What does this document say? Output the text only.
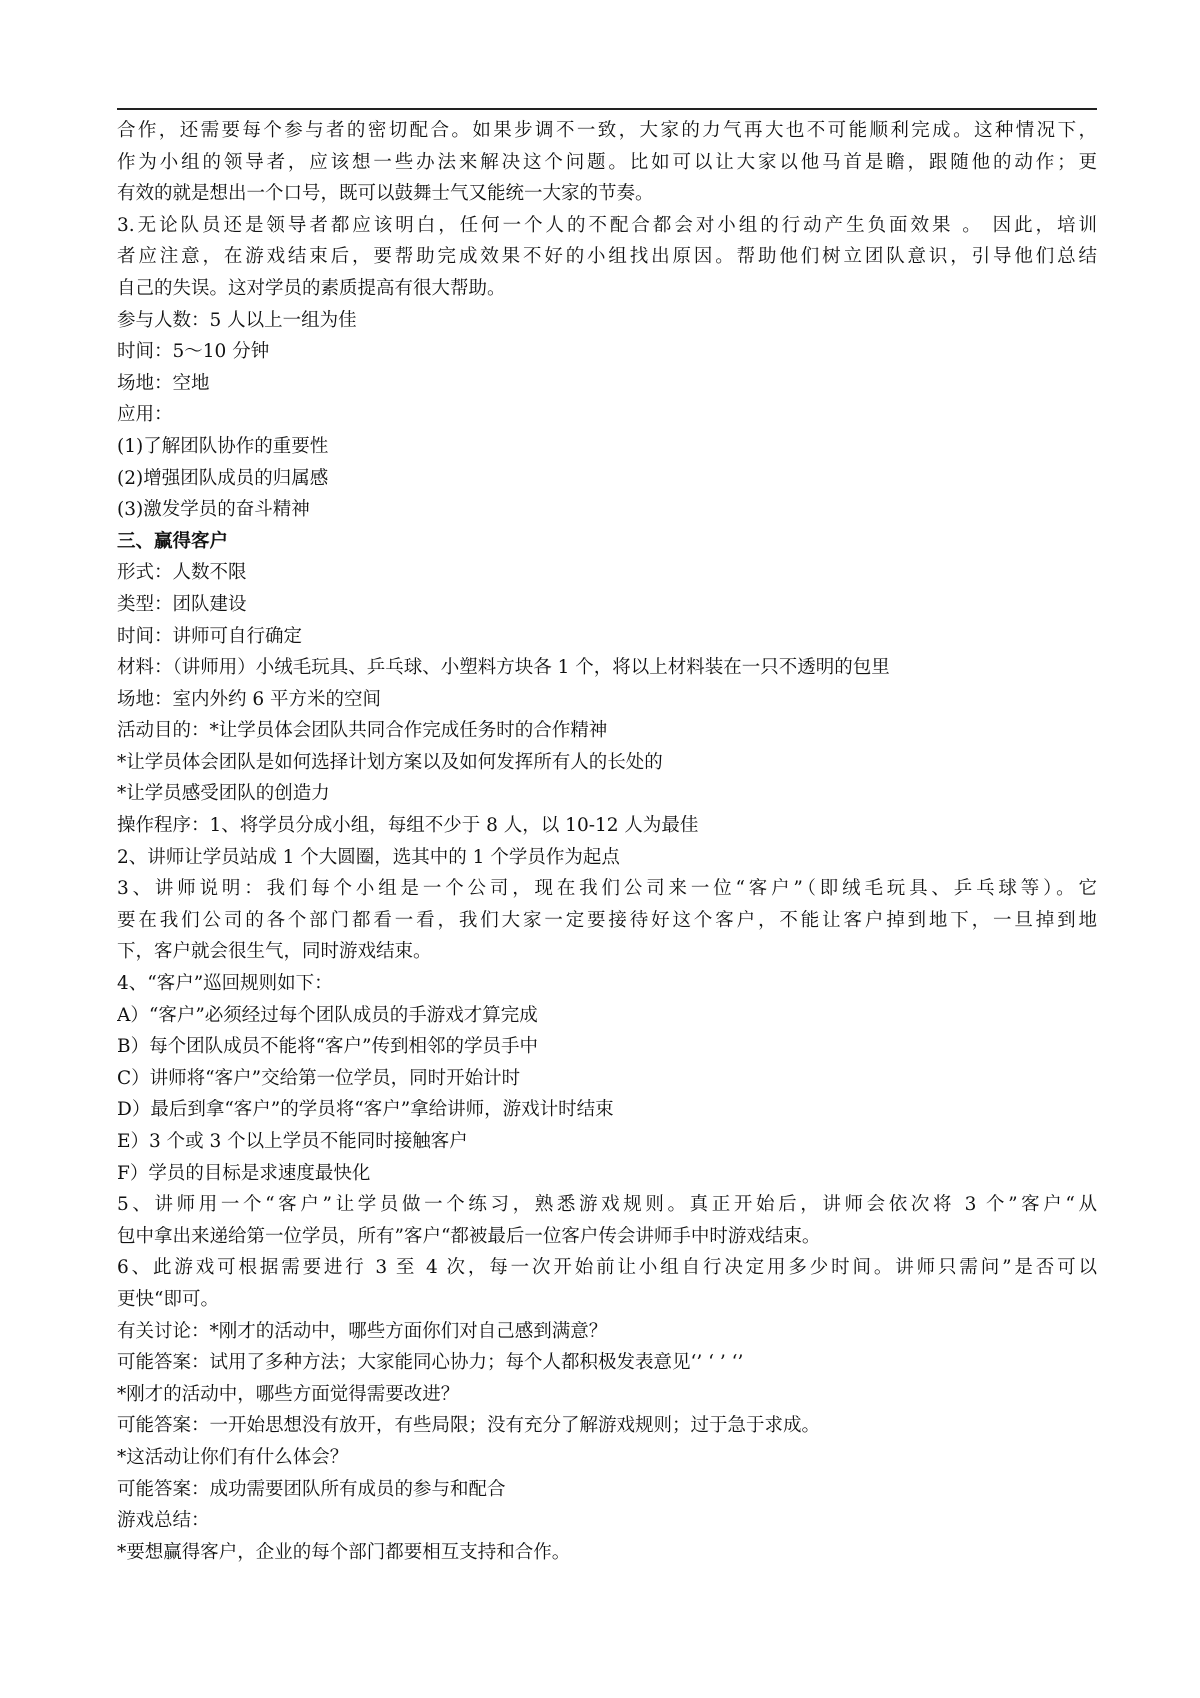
合作，还需要每个参与者的密切配合。如果步调不一致，大家的力气再大也不可能顺利完成。这种情况下，
作为小组的领导者，应该想一些办法来解决这个问题。比如可以让大家以他马首是瞻，跟随他的动作；更
有效的就是想出一个口号，既可以鼓舞士气又能统一大家的节奏。
3.无论队员还是领导者都应该明白，任何一个人的不配合都会对小组的行动产生负面效果 。 因此，培训
者应注意，在游戏结束后，要帮助完成效果不好的小组找出原因。帮助他们树立团队意识，引导他们总结
自己的失误。这对学员的素质提高有很大帮助。
参与人数：5 人以上一组为佳
时间：5～10 分钟
场地：空地
应用：
(1)了解团队协作的重要性
(2)增强团队成员的归属感
(3)激发学员的奋斗精神
三、赢得客户
形式：人数不限
类型：团队建设
时间：讲师可自行确定
材料：（讲师用）小绒毛玩具、乒乓球、小塑料方块各 1 个，将以上材料装在一只不透明的包里
场地：室内外约 6 平方米的空间
活动目的：*让学员体会团队共同合作完成任务时的合作精神
*让学员体会团队是如何选择计划方案以及如何发挥所有人的长处的
*让学员感受团队的创造力
操作程序：1、将学员分成小组，每组不少于 8 人，以 10-12 人为最佳
2、讲师让学员站成 1 个大圆圈，选其中的 1 个学员作为起点
3、讲师说明：我们每个小组是一个公司，现在我们公司来一位“客户”（即绒毛玩具、乒乓球等）。它
要在我们公司的各个部门都看一看，我们大家一定要接待好这个客户，不能让客户掉到地下，一旦掉到地
下，客户就会很生气，同时游戏结束。
4、“客户”巡回规则如下：
A）“客户”必须经过每个团队成员的手游戏才算完成
B）每个团队成员不能将“客户”传到相邻的学员手中
C）讲师将“客户”交给第一位学员，同时开始计时
D）最后到拿“客户”的学员将“客户”拿给讲师，游戏计时结束
E）3 个或 3 个以上学员不能同时接触客户
F）学员的目标是求速度最快化
5、讲师用一个“客户”让学员做一个练习，熟悉游戏规则。真正开始后，讲师会依次将 3 个”客户“从
包中拿出来递给第一位学员，所有”客户“都被最后一位客户传会讲师手中时游戏结束。
6、此游戏可根据需要进行 3 至 4 次，每一次开始前让小组自行决定用多少时间。讲师只需问”是否可以
更快“即可。
有关讨论：*刚才的活动中，哪些方面你们对自己感到满意？
可能答案：试用了多种方法；大家能同心协力；每个人都积极发表意见‘’ ‘ ’ ‘’
*刚才的活动中，哪些方面觉得需要改进？
可能答案：一开始思想没有放开，有些局限；没有充分了解游戏规则；过于急于求成。
*这活动让你们有什么体会？
可能答案：成功需要团队所有成员的参与和配合
游戏总结：
*要想赢得客户，企业的每个部门都要相互支持和合作。
